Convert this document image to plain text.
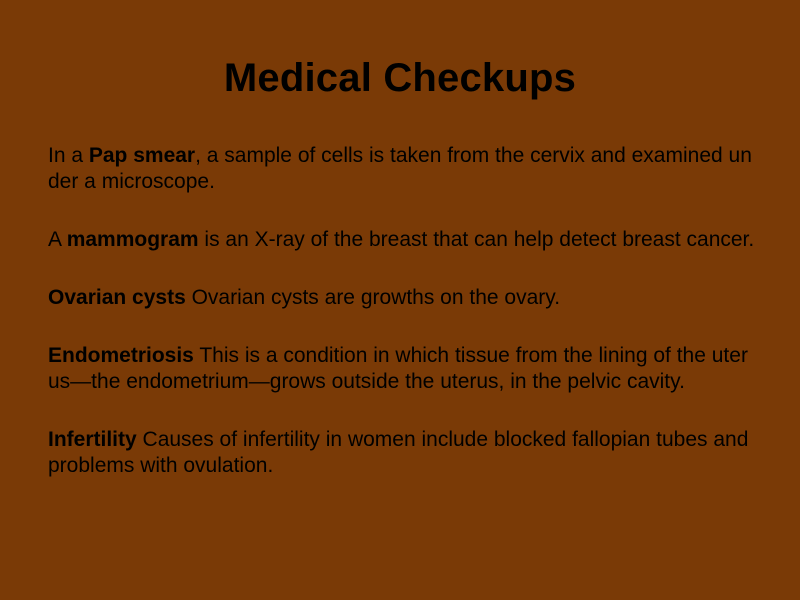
Medical Checkups

In a Pap smear, a sample of cells is taken from the cervix and examined under a microscope.

A mammogram is an X-ray of the breast that can help detect breast cancer.

Ovarian cysts Ovarian cysts are growths on the ovary.

Endometriosis This is a condition in which tissue from the lining of the uterus—the endometrium—grows outside the uterus, in the pelvic cavity.

Infertility Causes of infertility in women include blocked fallopian tubes and problems with ovulation.
